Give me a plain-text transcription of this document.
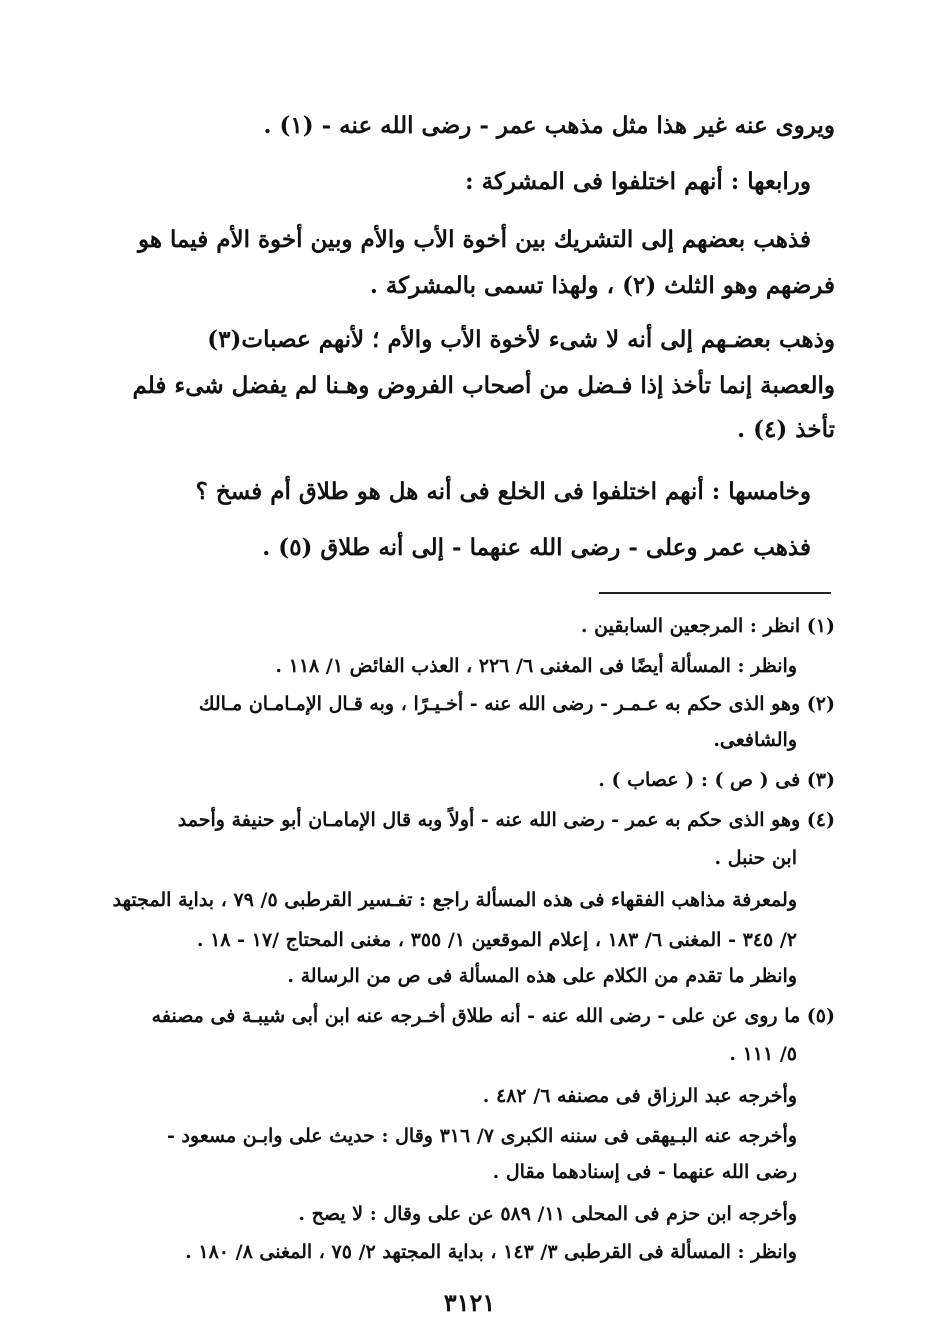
ويروى عنه غير هذا مثل مذهب عمر - رضى الله عنه - (١) .
ورابعها : أنهم اختلفوا فى المشركة :
فذهب بعضهم إلى التشريك بين أخوة الأب والأم وبين أخوة الأم فيما هو
فرضهم وهو الثلث (٢) ، ولهذا تسمى بالمشركة .
وذهب بعضـهم إلى أنه لا شىء لأخوة الأب والأم ؛ لأنهم عصبات(٣)
والعصبة إنما تأخذ إذا فـضل من أصحاب الفروض وهـنا لم يفضل شىء فلم
تأخذ (٤) .
وخامسها : أنهم اختلفوا فى الخلع فى أنه هل هو طلاق أم فسخ ؟
فذهب عمر وعلى - رضى الله عنهما - إلى أنه طلاق (٥) .
(١) انظر : المرجعين السابقين .
وانظر : المسألة أيضًا فى المغنى ٦/ ٢٢٦ ، العذب الفائض ١/ ١١٨ .
(٢) وهو الذى حكم به عـمـر - رضى الله عنه - أخـيـرًا ، وبه قـال الإمـامـان مـالك
والشافعى.
(٣) فى ( ص ) : ( عصاب ) .
(٤) وهو الذى حكم به عمر - رضى الله عنه - أولاً وبه قال الإمامـان أبو حنيفة وأحمد
ابن حنبل .
ولمعرفة مذاهب الفقهاء فى هذه المسألة راجع : تفـسير القرطبى ٥/ ٧٩ ، بداية المجتهد
٢/ ٣٤٥ - المغنى ٦/ ١٨٣ ، إعلام الموقعين ١/ ٣٥٥ ، مغنى المحتاج /١٧ - ١٨ .
وانظر ما تقدم من الكلام على هذه المسألة فى ص من الرسالة .
(٥) ما روى عن على - رضى الله عنه - أنه طلاق أخـرجه عنه ابن أبى شيبـة فى مصنفه
٥/ ١١١ .
وأخرجه عبد الرزاق فى مصنفه ٦/ ٤٨٢ .
وأخرجه عنه البـيهقى فى سننه الكبرى ٧/ ٣١٦ وقال : حديث على وابـن مسعود -
رضى الله عنهما - فى إسنادهما مقال .
وأخرجه ابن حزم فى المحلى ١١/ ٥٨٩ عن على وقال : لا يصح .
وانظر : المسألة فى القرطبى ٣/ ١٤٣ ، بداية المجتهد ٢/ ٧٥ ، المغنى ٨/ ١٨٠ .
٣١٢١
